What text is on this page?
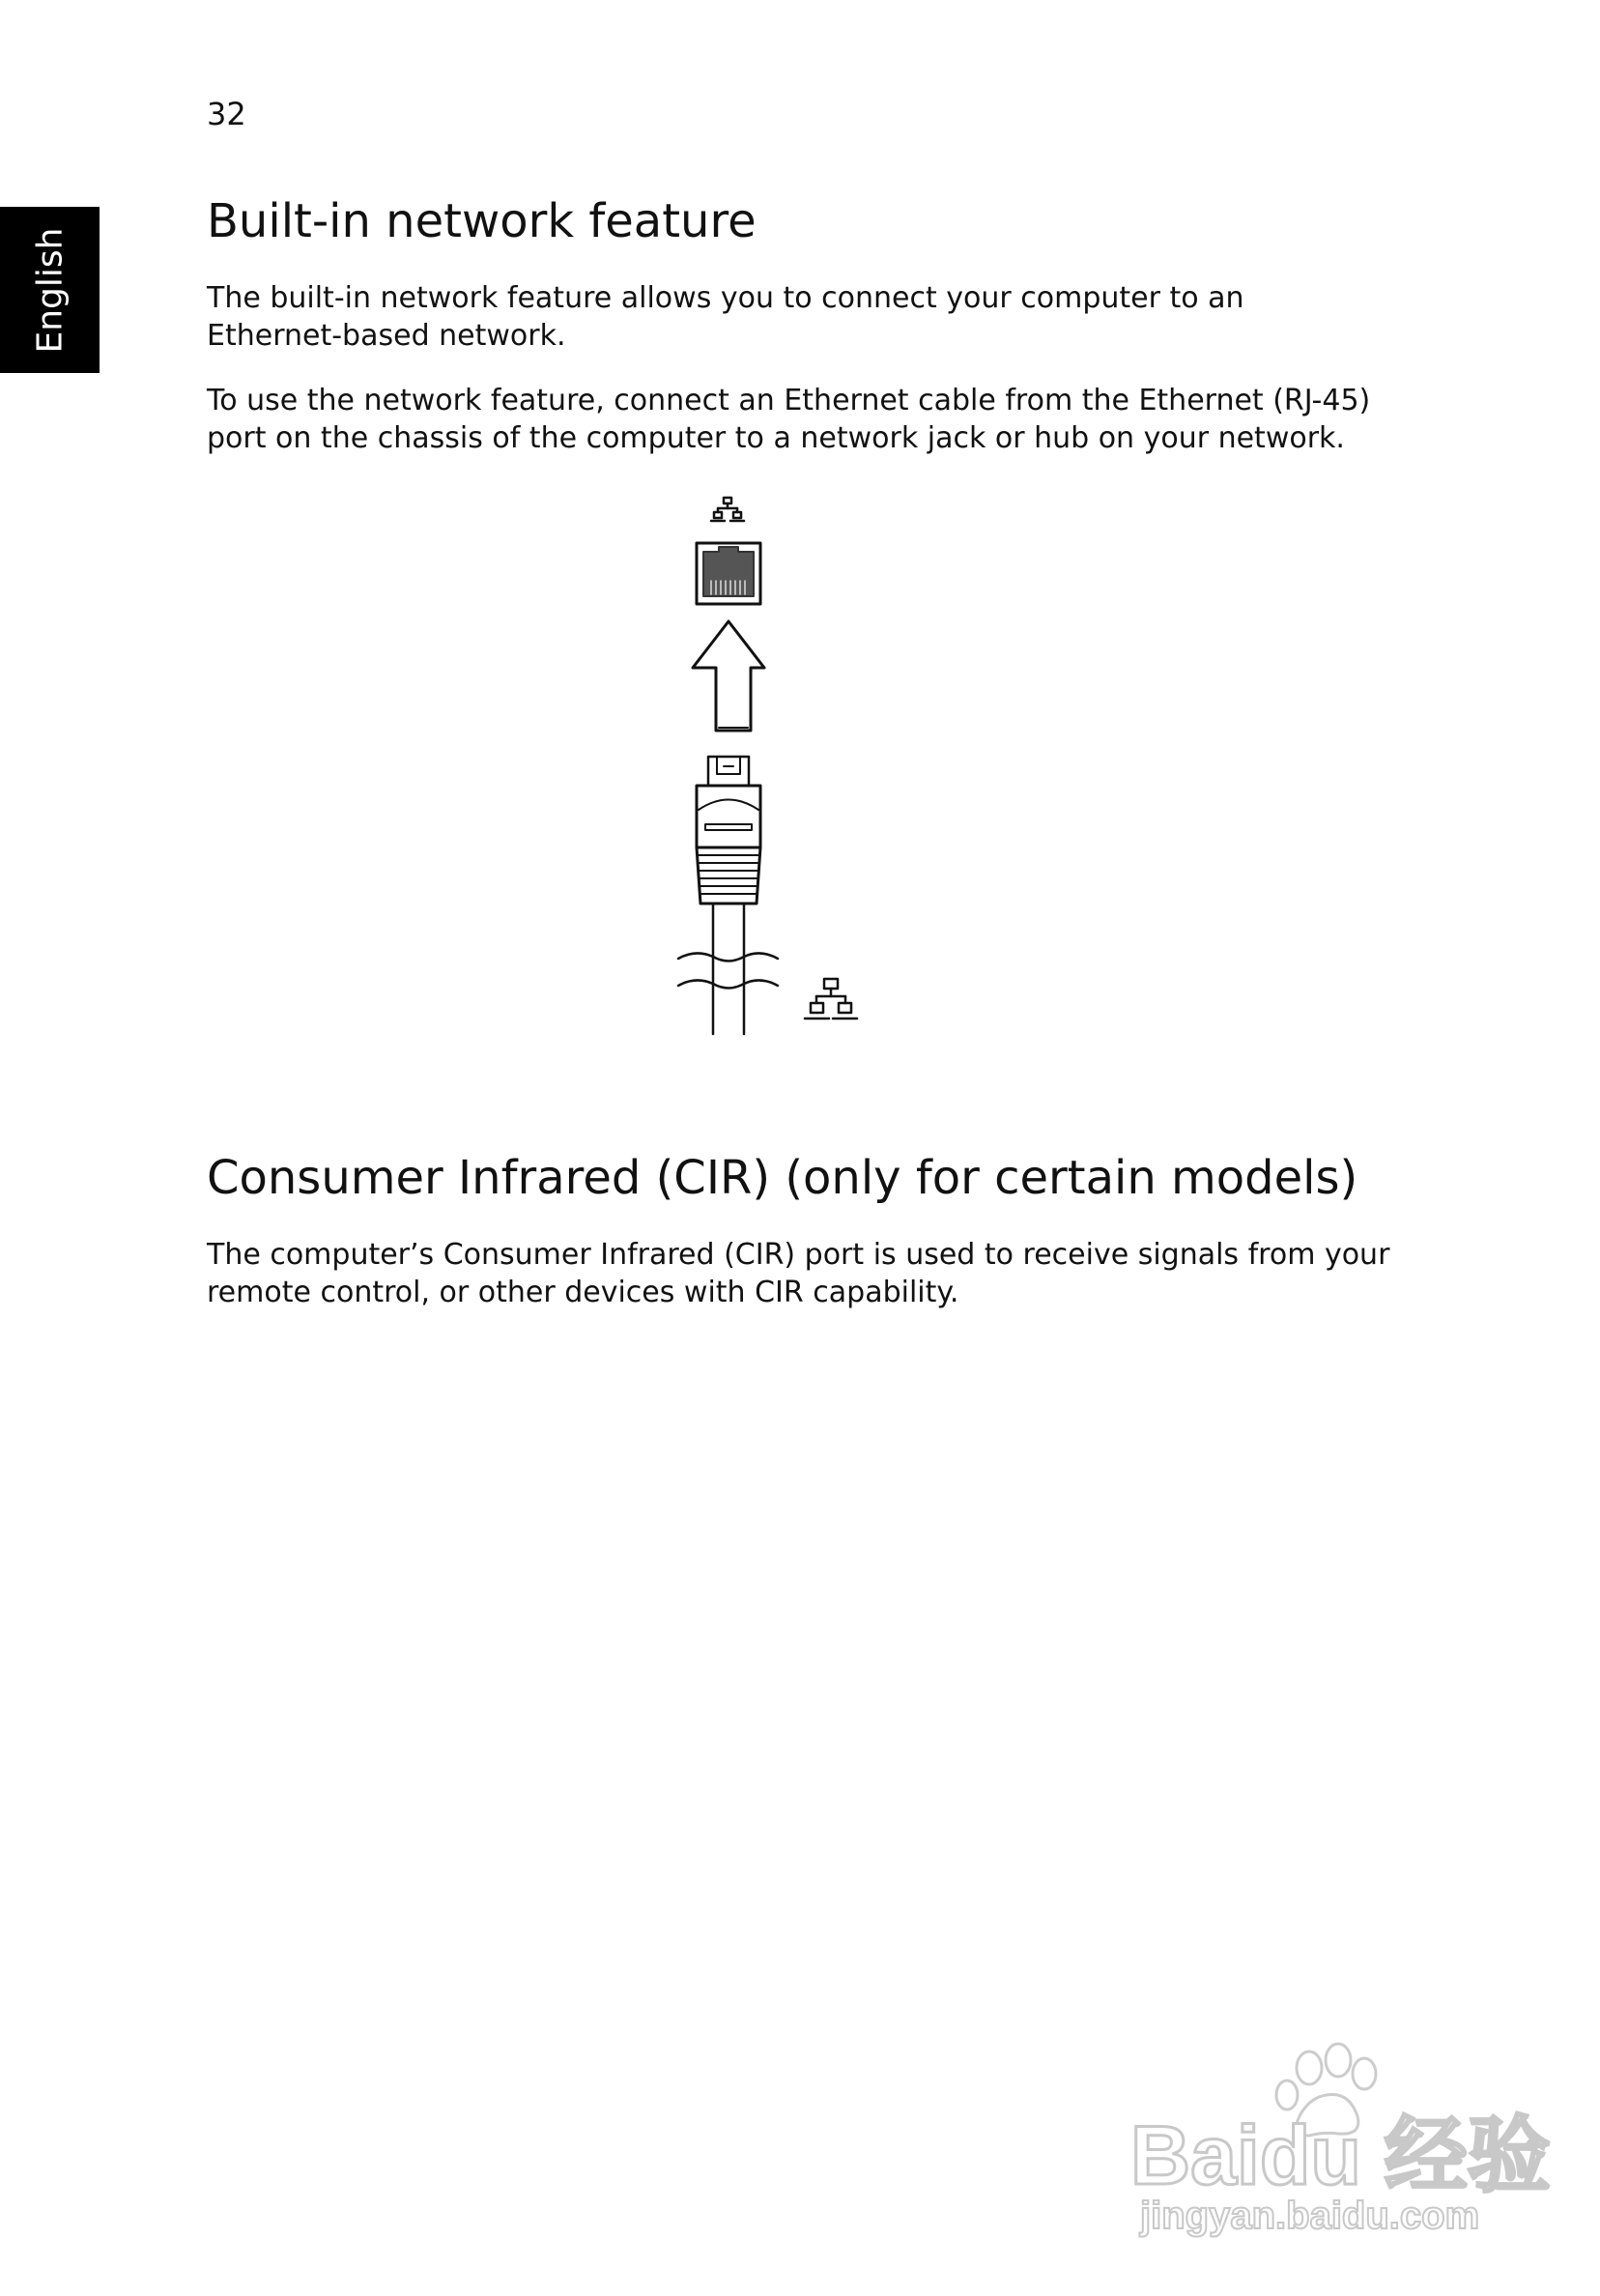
32
English
Built-in network feature

The built-in network feature allows you to connect your computer to an Ethernet-based network.

To use the network feature, connect an Ethernet cable from the Ethernet (RJ-45) port on the chassis of the computer to a network jack or hub on your network.

Consumer Infrared (CIR) (only for certain models)

The computer’s Consumer Infrared (CIR) port is used to receive signals from your remote control, or other devices with CIR capability.

Baidu 经验
jingyan.baidu.com
